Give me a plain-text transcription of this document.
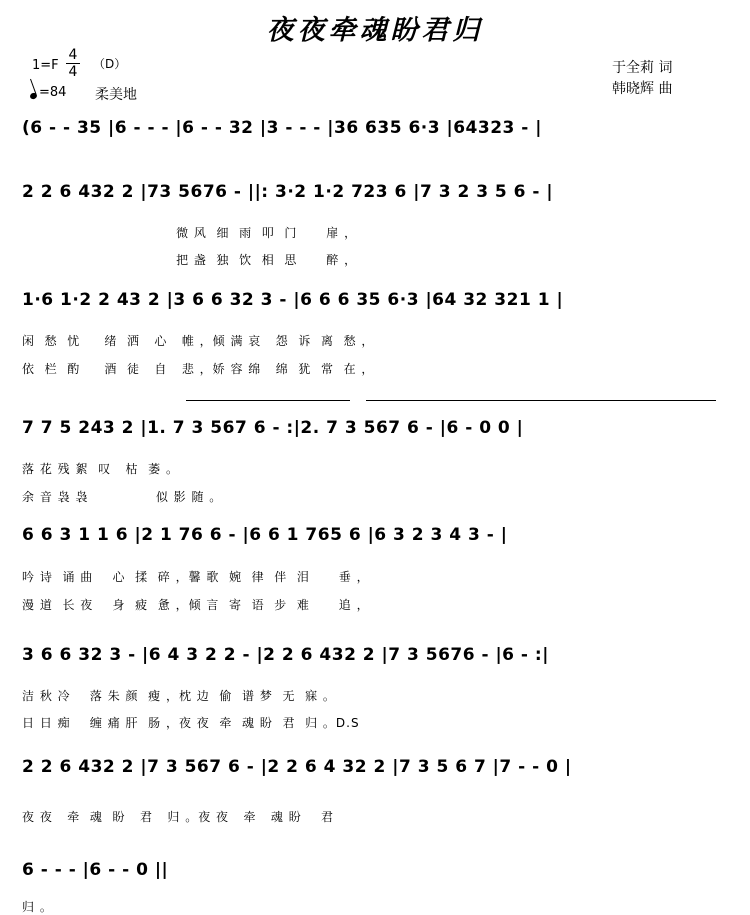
夜夜牵魂盼君归
1=F
4
4 （D）
=84 柔美地
于全莉 词
韩晓辉 曲
(6 - - 35 |6 - - - |6 - - 32 |3 - - - |36 635 6·3 |64323 - |
2 2 6 432 2 |73 5676 - ||: 3·2 1·2 723 6 |7 3 2 3 5 6 - |
微 风  细  雨  叩  门      扉 ，
把 盏  独  饮  相  思      醉 ，
1·6 1·2 2 43 2 |3 6 6 32 3 - |6 6 6 35 6·3 |64 32 321 1 |
闲  愁  忧     绪  洒   心   帷 ，倾 满 哀   怨  诉  离  愁 ，
依  栏  酌     酒  徒   自   悲 ，娇 容 绵   绵  犹  常  在 ，
7 7 5 243 2 |1. 7 3 567 6 - :|2. 7 3 567 6 - |6 - 0 0 |
落 花 残 絮  叹   枯  萎 。
余 音 袅 袅              似 影 随 。
6 6 3 1 1 6 |2 1 76 6 - |6 6 1 765 6 |6 3 2 3 4 3 - |
吟 诗  诵 曲    心  揉  碎 ，馨 歌  婉  律  伴  泪      垂 ，
漫 道  长 夜    身  疲  惫 ，倾 言  寄  语  步  难      追 ，
3 6 6 32 3 - |6 4 3 2 2 - |2 2 6 432 2 |7 3 5676 - |6 - :|
洁 秋 冷    落 朱 颜  瘦 ，枕 边  偷  谱 梦  无  寐 。
日 日 痴    缠 痛 肝  肠 ，夜 夜  牵  魂 盼  君  归 。D.S
2 2 6 432 2 |7 3 567 6 - |2 2 6 4 32 2 |7 3 5 6 7 |7 - - 0 |
夜 夜   牵  魂  盼   君   归 。夜 夜   牵   魂 盼    君
6 - - - |6 - - 0 ||
归 。
